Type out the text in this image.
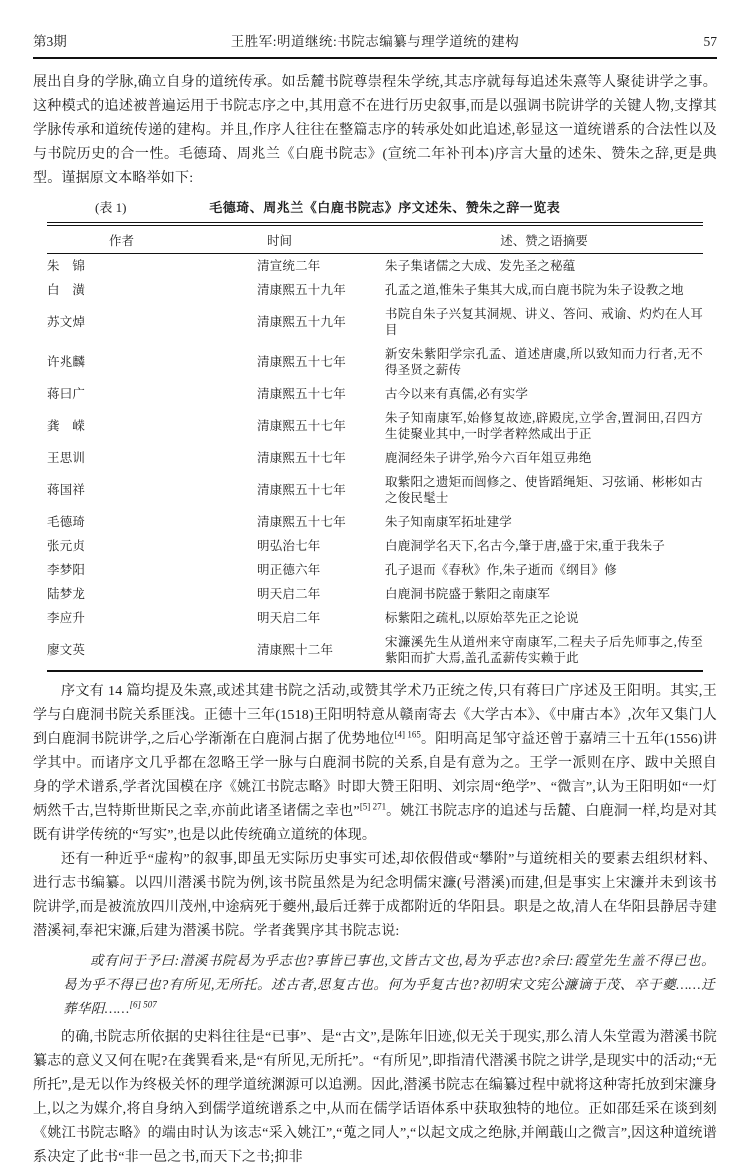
第3期	王胜军:明道继统:书院志编纂与理学道统的建构	57

展出自身的学脉,确立自身的道统传承。如岳麓书院尊崇程朱学统,其志序就每每追述朱熹等人聚徒讲学之事。这种模式的追述被普遍运用于书院志序之中,其用意不在进行历史叙事,而是以强调书院讲学的关键人物,支撑其学脉传承和道统传递的建构。并且,作序人往往在整篇志序的转承处如此追述,彰显这一道统谱系的合法性以及与书院历史的合一性。毛德琦、周兆兰《白鹿书院志》(宣统二年补刊本)序言大量的述朱、赞朱之辞,更是典型。谨据原文本略举如下:

(表 1)	毛德琦、周兆兰《白鹿书院志》序文述朱、赞朱之辞一览表
作者	时间	述、赞之语摘要
朱　锦	清宣统二年	朱子集诸儒之大成、发先圣之秘蕴
白　潢	清康熙五十九年	孔孟之道,惟朱子集其大成,而白鹿书院为朱子设教之地
苏文焯	清康熙五十九年	书院自朱子兴复其洞规、讲义、答问、戒谕、灼灼在人耳目
许兆麟	清康熙五十七年	新安朱紫阳学宗孔孟、道述唐虞,所以致知而力行者,无不得圣贤之薪传
蒋曰广	清康熙五十七年	古今以来有真儒,必有实学
龚　嵘	清康熙五十七年	朱子知南康军,始修复故迹,辟殿庑,立学舍,置洞田,召四方生徒聚业其中,一时学者粹然咸出于正
王思训	清康熙五十七年	鹿洞经朱子讲学,殆今六百年俎豆弗绝
蒋国祥	清康熙五十七年	取紫阳之遗矩而闿修之、使皆蹈绳矩、习弦诵、彬彬如古之俊民髦士
毛德琦	清康熙五十七年	朱子知南康军拓址建学
张元贞	明弘治七年	白鹿洞学名天下,名古今,肇于唐,盛于宋,重于我朱子
李梦阳	明正德六年	孔子退而《春秋》作,朱子逝而《纲目》修
陆梦龙	明天启二年	白鹿洞书院盛于紫阳之南康军
李应升	明天启二年	标紫阳之疏札,以原始萃先正之论说
廖文英	清康熙十二年	宋濂溪先生从道州来守南康军,二程夫子后先师事之,传至紫阳而扩大焉,盖孔孟薪传实赖于此

序文有 14 篇均提及朱熹,或述其建书院之活动,或赞其学术乃正统之传,只有蒋曰广序述及王阳明。其实,王学与白鹿洞书院关系匪浅。正德十三年(1518)王阳明特意从赣南寄去《大学古本》、《中庸古本》,次年又集门人到白鹿洞书院讲学,之后心学渐渐在白鹿洞占据了优势地位$^{[4] 165}$。阳明高足邹守益还曾于嘉靖三十五年(1556)讲学其中。而诸序文几乎都在忽略王学一脉与白鹿洞书院的关系,自是有意为之。王学一派则在序、跋中关照自身的学术谱系,学者沈国模在序《姚江书院志略》时即大赞王阳明、刘宗周“绝学”、“微言”,认为王阳明如“一灯炳然千古,岂特斯世斯民之幸,亦前此诸圣诸儒之幸也”$^{[5] 271}$。姚江书院志序的追述与岳麓、白鹿洞一样,均是对其既有讲学传统的“写实”,也是以此传统确立道统的体现。

还有一种近乎“虚构”的叙事,即虽无实际历史事实可述,却依假借或“攀附”与道统相关的要素去组织材料、进行志书编纂。以四川潜溪书院为例,该书院虽然是为纪念明儒宋濂(号潜溪)而建,但是事实上宋濂并未到该书院讲学,而是被流放四川茂州,中途病死于夔州,最后迁葬于成都附近的华阳县。职是之故,清人在华阳县静居寺建潜溪祠,奉祀宋濂,后建为潜溪书院。学者龚巽序其书院志说:

或有问于予曰:潜溪书院曷为乎志也?事皆已事也,文皆古文也,曷为乎志也?余曰:霞堂先生盖不得已也。曷为乎不得已也?有所见,无所托。述古者,思复古也。何为乎复古也?初明宋文宪公濂谪于茂、卒于夔……迁葬华阳……$^{[6] 507}$

的确,书院志所依据的史料往往是“已事”、是“古文”,是陈年旧迹,似无关于现实,那么清人朱堂霞为潜溪书院纂志的意义又何在呢?在龚巽看来,是“有所见,无所托”。“有所见”,即指清代潜溪书院之讲学,是现实中的活动;“无所托”,是无以作为终极关怀的理学道统渊源可以追溯。因此,潜溪书院志在编纂过程中就将这种寄托放到宋濂身上,以之为媒介,将自身纳入到儒学道统谱系之中,从而在儒学话语体系中获取独特的地位。正如邵廷采在谈到刻《姚江书院志略》的端由时认为该志“采入姚江”,“蒐之同人”,“以起文成之绝脉,并阐蕺山之微言”,因这种道统谱系决定了此书“非一邑之书,而天下之书;抑非
